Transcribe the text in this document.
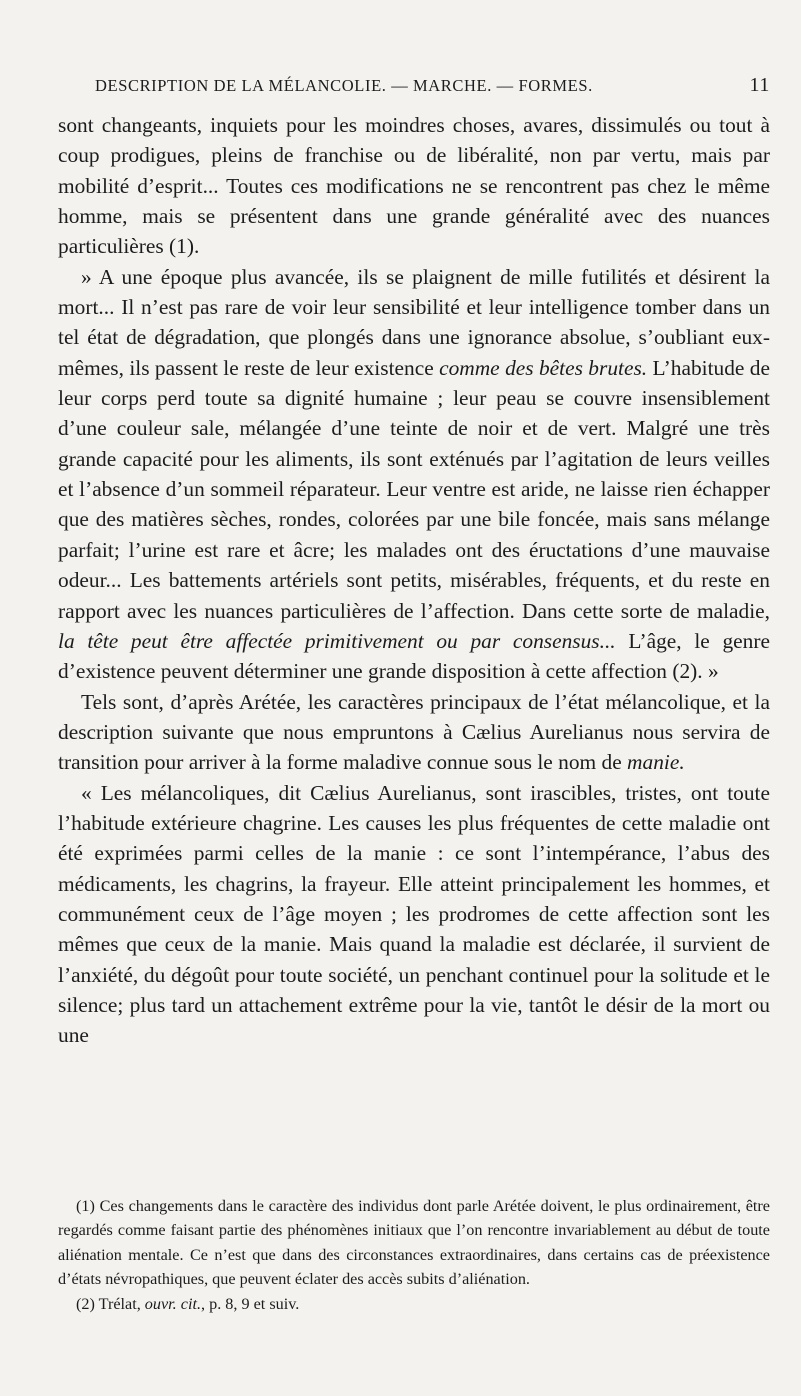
DESCRIPTION DE LA MÉLANCOLIE. — MARCHE. — FORMES.	11

sont changeants, inquiets pour les moindres choses, avares, dissimulés ou tout à coup prodigues, pleins de franchise ou de libéralité, non par vertu, mais par mobilité d’esprit... Toutes ces modifications ne se rencontrent pas chez le même homme, mais se présentent dans une grande généralité avec des nuances particulières (1).

» A une époque plus avancée, ils se plaignent de mille futilités et désirent la mort... Il n’est pas rare de voir leur sensibilité et leur intelligence tomber dans un tel état de dégradation, que plongés dans une ignorance absolue, s’oubliant eux-mêmes, ils passent le reste de leur existence comme des bêtes brutes. L’habitude de leur corps perd toute sa dignité humaine ; leur peau se couvre insensiblement d’une couleur sale, mélangée d’une teinte de noir et de vert. Malgré une très grande capacité pour les aliments, ils sont exténués par l’agitation de leurs veilles et l’absence d’un sommeil réparateur. Leur ventre est aride, ne laisse rien échapper que des matières sèches, rondes, colorées par une bile foncée, mais sans mélange parfait; l’urine est rare et âcre; les malades ont des éructations d’une mauvaise odeur... Les battements artériels sont petits, misérables, fréquents, et du reste en rapport avec les nuances particulières de l’affection. Dans cette sorte de maladie, la tête peut être affectée primitivement ou par consensus... L’âge, le genre d’existence peuvent déterminer une grande disposition à cette affection (2). »

Tels sont, d’après Arétée, les caractères principaux de l’état mélancolique, et la description suivante que nous empruntons à Cælius Aurelianus nous servira de transition pour arriver à la forme maladive connue sous le nom de manie.

« Les mélancoliques, dit Cælius Aurelianus, sont irascibles, tristes, ont toute l’habitude extérieure chagrine. Les causes les plus fréquentes de cette maladie ont été exprimées parmi celles de la manie : ce sont l’intempérance, l’abus des médicaments, les chagrins, la frayeur. Elle atteint principalement les hommes, et communément ceux de l’âge moyen ; les prodromes de cette affection sont les mêmes que ceux de la manie. Mais quand la maladie est déclarée, il survient de l’anxiété, du dégoût pour toute société, un penchant continuel pour la solitude et le silence; plus tard un attachement extrême pour la vie, tantôt le désir de la mort ou une

(1) Ces changements dans le caractère des individus dont parle Arétée doivent, le plus ordinairement, être regardés comme faisant partie des phénomènes initiaux que l’on rencontre invariablement au début de toute aliénation mentale. Ce n’est que dans des circonstances extraordinaires, dans certains cas de préexistence d’états névropathiques, que peuvent éclater des accès subits d’aliénation.

(2) Trélat, ouvr. cit., p. 8, 9 et suiv.
